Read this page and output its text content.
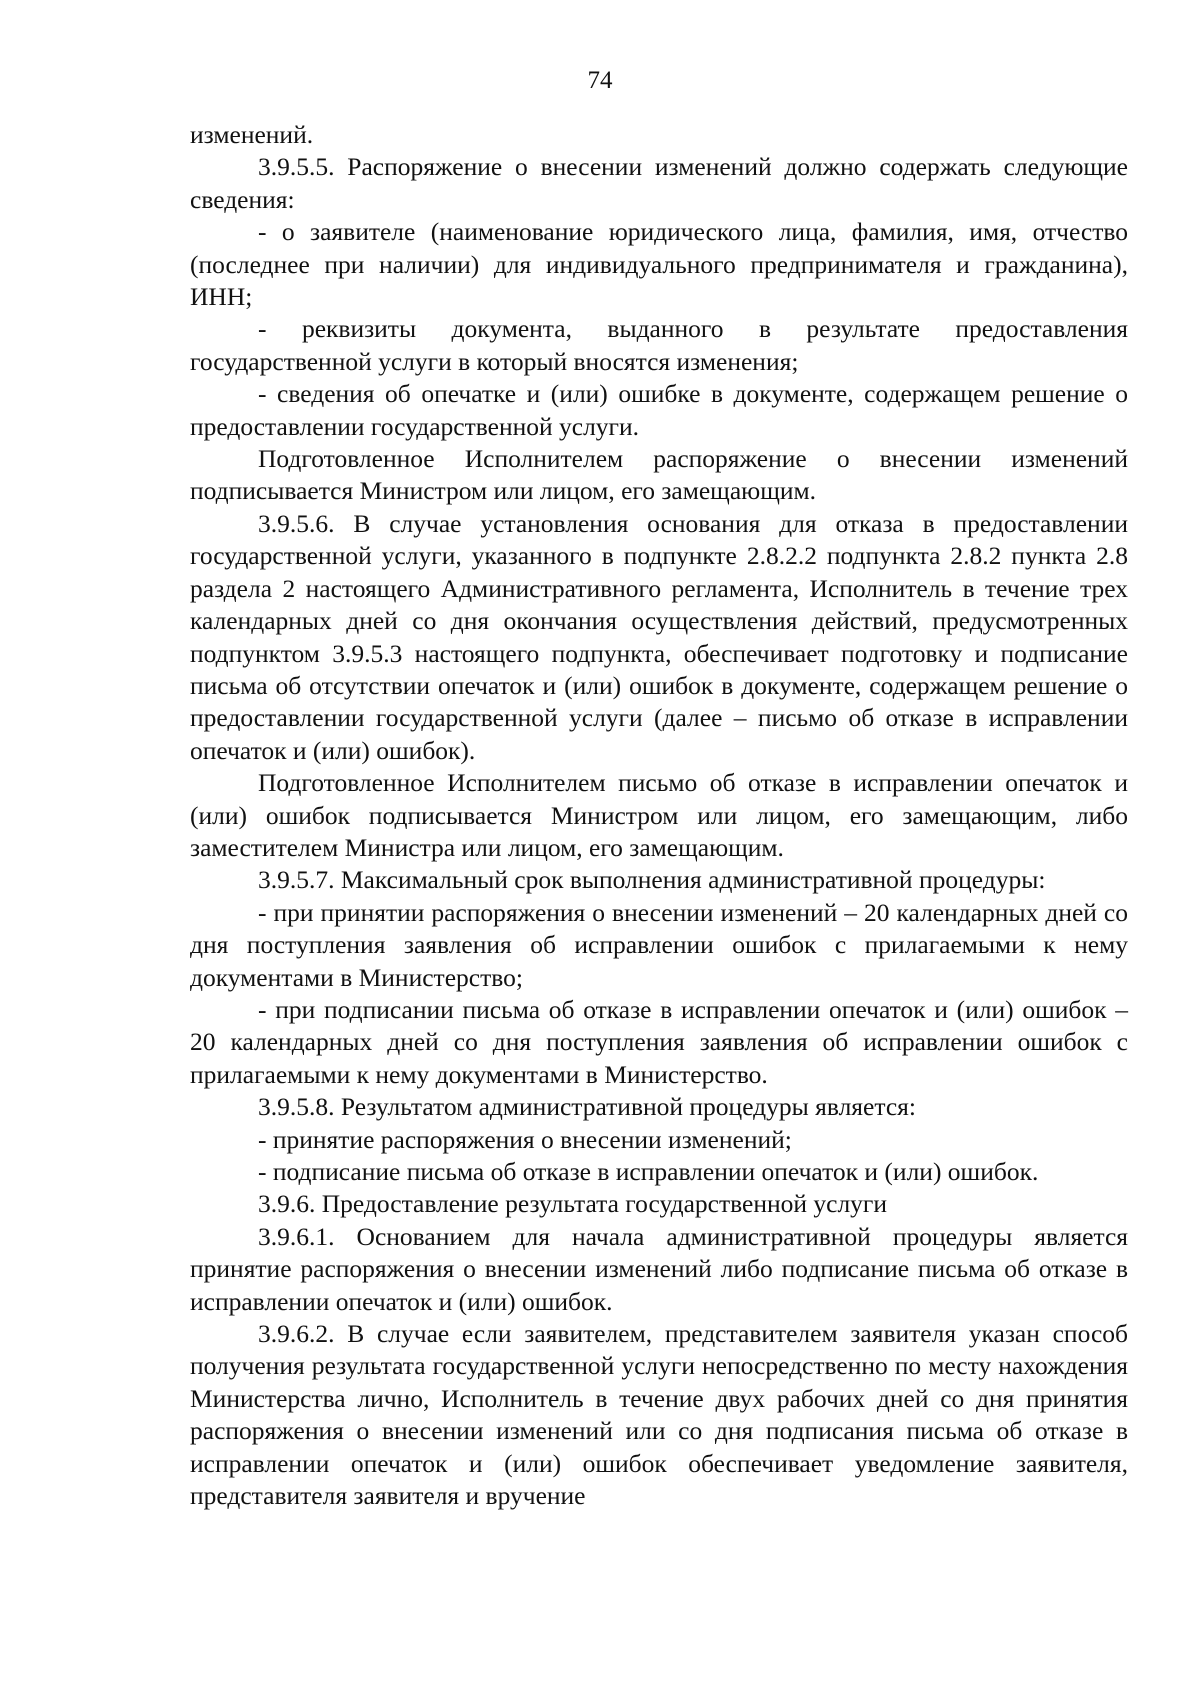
74

изменений.

3.9.5.5. Распоряжение о внесении изменений должно содержать следующие сведения:

- о заявителе (наименование юридического лица, фамилия, имя, отчество (последнее при наличии) для индивидуального предпринимателя и гражданина), ИНН;

- реквизиты документа, выданного в результате предоставления государственной услуги в который вносятся изменения;

- сведения об опечатке и (или) ошибке в документе, содержащем решение о предоставлении государственной услуги.

Подготовленное Исполнителем распоряжение о внесении изменений подписывается Министром или лицом, его замещающим.

3.9.5.6. В случае установления основания для отказа в предоставлении государственной услуги, указанного в подпункте 2.8.2.2 подпункта 2.8.2 пункта 2.8 раздела 2 настоящего Административного регламента, Исполнитель в течение трех календарных дней со дня окончания осуществления действий, предусмотренных подпунктом 3.9.5.3 настоящего подпункта, обеспечивает подготовку и подписание письма об отсутствии опечаток и (или) ошибок в документе, содержащем решение о предоставлении государственной услуги (далее – письмо об отказе в исправлении опечаток и (или) ошибок).

Подготовленное Исполнителем письмо об отказе в исправлении опечаток и (или) ошибок подписывается Министром или лицом, его замещающим, либо заместителем Министра или лицом, его замещающим.

3.9.5.7. Максимальный срок выполнения административной процедуры:

- при принятии распоряжения о внесении изменений – 20 календарных дней со дня поступления заявления об исправлении ошибок с прилагаемыми к нему документами в Министерство;

- при подписании письма об отказе в исправлении опечаток и (или) ошибок – 20 календарных дней со дня поступления заявления об исправлении ошибок с прилагаемыми к нему документами в Министерство.

3.9.5.8. Результатом административной процедуры является:

- принятие распоряжения о внесении изменений;

- подписание письма об отказе в исправлении опечаток и (или) ошибок.

3.9.6. Предоставление результата государственной услуги

3.9.6.1. Основанием для начала административной процедуры является принятие распоряжения о внесении изменений либо подписание письма об отказе в исправлении опечаток и (или) ошибок.

3.9.6.2. В случае если заявителем, представителем заявителя указан способ получения результата государственной услуги непосредственно по месту нахождения Министерства лично, Исполнитель в течение двух рабочих дней со дня принятия распоряжения о внесении изменений или со дня подписания письма об отказе в исправлении опечаток и (или) ошибок обеспечивает уведомление заявителя, представителя заявителя и вручение
